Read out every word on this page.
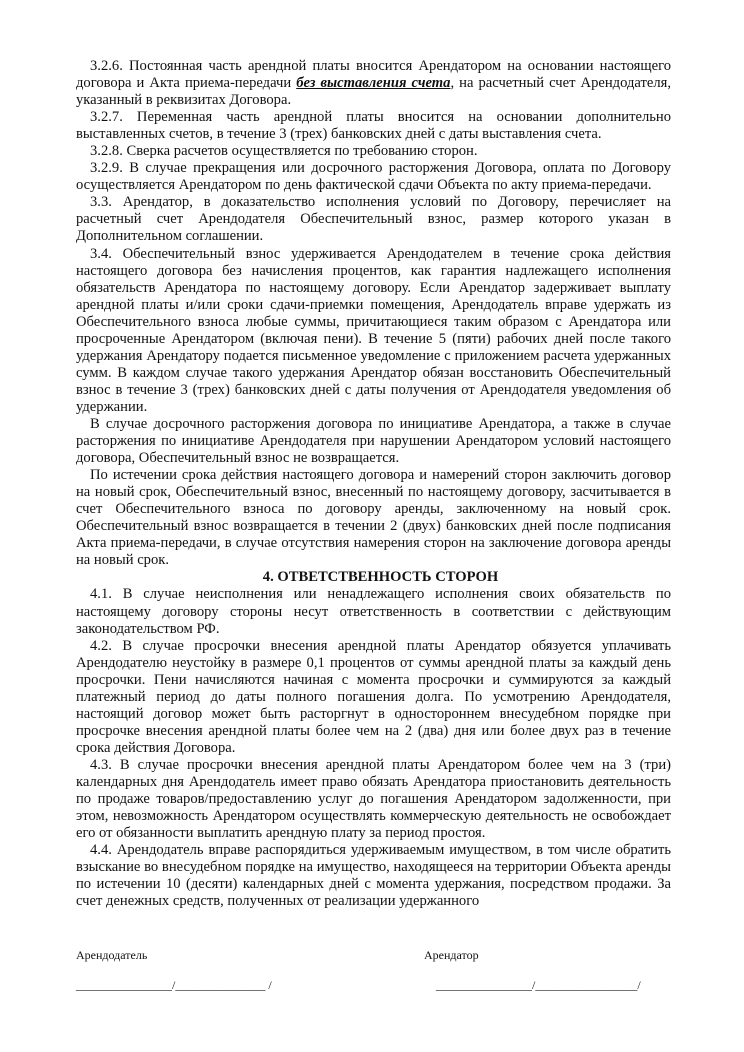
3.2.6. Постоянная часть арендной платы вносится Арендатором на основании настоящего договора и Акта приема-передачи без выставления счета, на расчетный счет Арендодателя, указанный в реквизитах Договора.

3.2.7. Переменная часть арендной платы вносится на основании дополнительно выставленных счетов, в течение 3 (трех) банковских дней с даты выставления счета.

3.2.8. Сверка расчетов осуществляется по требованию сторон.

3.2.9. В случае прекращения или досрочного расторжения Договора, оплата по Договору осуществляется Арендатором по день фактической сдачи Объекта по акту приема-передачи.

3.3. Арендатор, в доказательство исполнения условий по Договору, перечисляет на расчетный счет Арендодателя Обеспечительный взнос, размер которого указан в Дополнительном соглашении.

3.4. Обеспечительный взнос удерживается Арендодателем в течение срока действия настоящего договора без начисления процентов, как гарантия надлежащего исполнения обязательств Арендатора по настоящему договору. Если Арендатор задерживает выплату арендной платы и/или сроки сдачи-приемки помещения, Арендодатель вправе удержать из Обеспечительного взноса любые суммы, причитающиеся таким образом с Арендатора или просроченные Арендатором (включая пени). В течение 5 (пяти) рабочих дней после такого удержания Арендатору подается письменное уведомление с приложением расчета удержанных сумм. В каждом случае такого удержания Арендатор обязан восстановить Обеспечительный взнос в течение 3 (трех) банковских дней с даты получения от Арендодателя уведомления об удержании.

В случае досрочного расторжения договора по инициативе Арендатора, а также в случае расторжения по инициативе Арендодателя при нарушении Арендатором условий настоящего договора, Обеспечительный взнос не возвращается.

По истечении срока действия настоящего договора и намерений сторон заключить договор на новый срок, Обеспечительный взнос, внесенный по настоящему договору, засчитывается в счет Обеспечительного взноса по договору аренды, заключенному на новый срок. Обеспечительный взнос возвращается в течении 2 (двух) банковских дней после подписания Акта приема-передачи, в случае отсутствия намерения сторон на заключение договора аренды на новый срок.

4. ОТВЕТСТВЕННОСТЬ СТОРОН

4.1. В случае неисполнения или ненадлежащего исполнения своих обязательств по настоящему договору стороны несут ответственность в соответствии с действующим законодательством РФ.

4.2. В случае просрочки внесения арендной платы Арендатор обязуется уплачивать Арендодателю неустойку в размере 0,1 процентов от суммы арендной платы за каждый день просрочки. Пени начисляются начиная с момента просрочки и суммируются за каждый платежный период до даты полного погашения долга. По усмотрению Арендодателя, настоящий договор может быть расторгнут в одностороннем внесудебном порядке при просрочке внесения арендной платы более чем на 2 (два) дня или более двух раз в течение срока действия Договора.

4.3. В случае просрочки внесения арендной платы Арендатором более чем на 3 (три) календарных дня Арендодатель имеет право обязать Арендатора приостановить деятельность по продаже товаров/предоставлению услуг до погашения Арендатором задолженности, при этом, невозможность Арендатором осуществлять коммерческую деятельность не освобождает его от обязанности выплатить арендную плату за период простоя.

4.4. Арендодатель вправе распорядиться удерживаемым имуществом, в том числе обратить взыскание во внесудебном порядке на имущество, находящееся на территории Объекта аренды по истечении 10 (десяти) календарных дней с момента удержания, посредством продажи. За счет денежных средств, полученных от реализации удержанного

Арендодатель	Арендатор
________________/_______________ /	________________/_________________/
